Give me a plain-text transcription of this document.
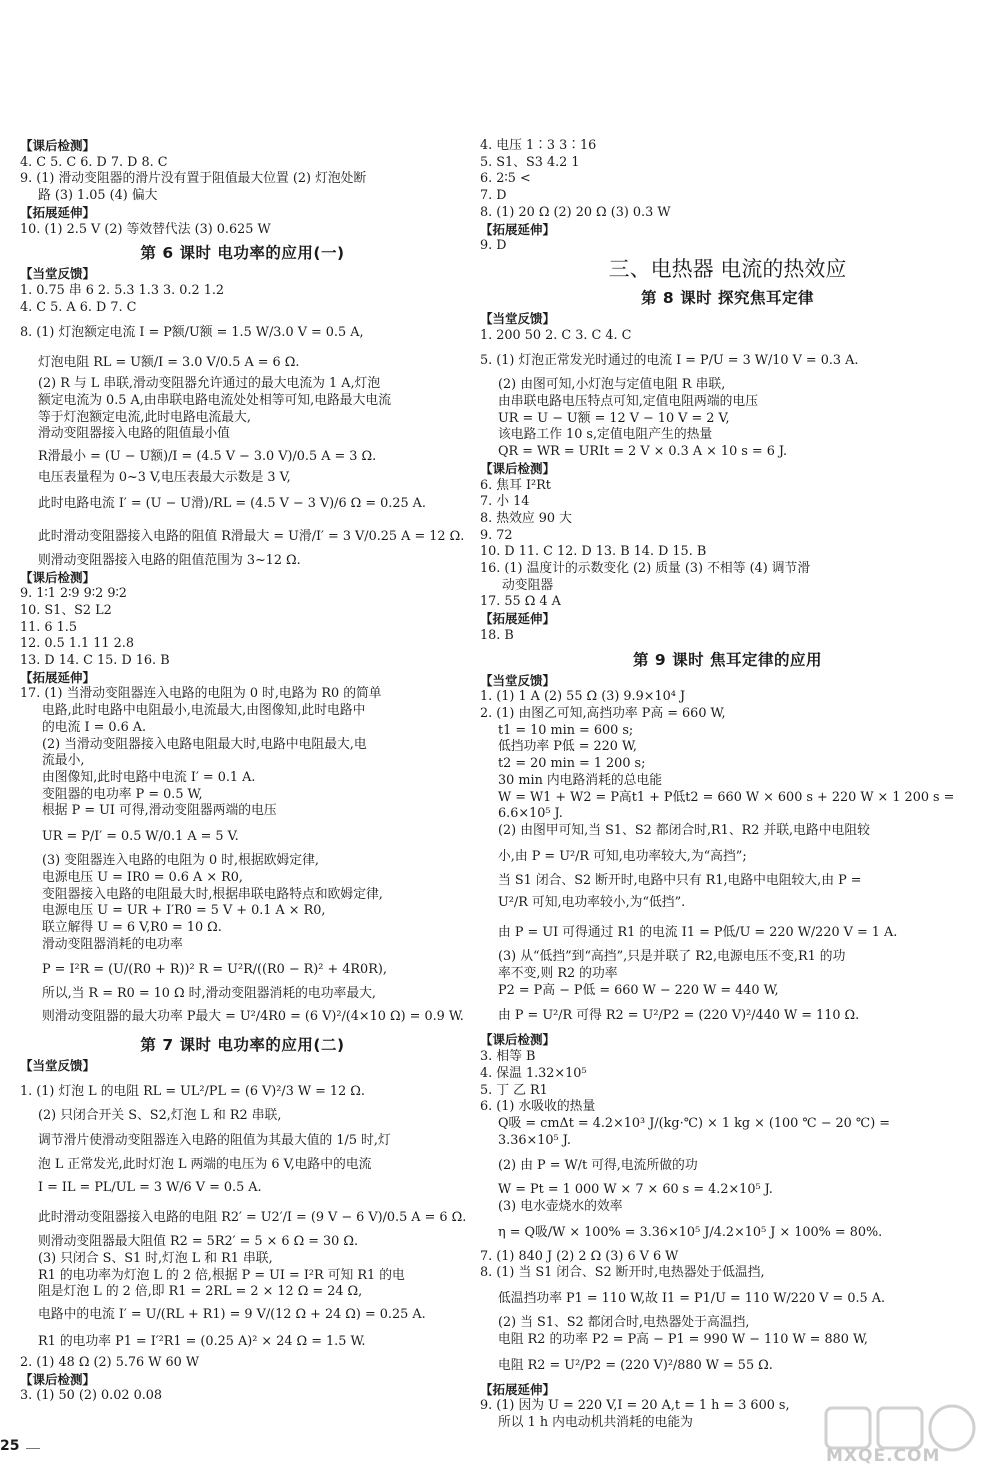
【课后检测】
4. C 5. C 6. D 7. D 8. C
9. (1) 滑动变阻器的滑片没有置于阻值最大位置 (2) 灯泡处断
路 (3) 1.05 (4) 偏大
【拓展延伸】
10. (1) 2.5 V (2) 等效替代法 (3) 0.625 W
第 6 课时 电功率的应用(一)
【当堂反馈】
1. 0.75 串 6 2. 5.3 1.3 3. 0.2 1.2
4. C 5. A 6. D 7. C
8. (1) 灯泡额定电流 I = P额/U额 = 1.5 W/3.0 V = 0.5 A,
灯泡电阻 RL = U额/I = 3.0 V/0.5 A = 6 Ω.
(2) R 与 L 串联,滑动变阻器允许通过的最大电流为 1 A,灯泡
额定电流为 0.5 A,由串联电路电流处处相等可知,电路最大电流
等于灯泡额定电流,此时电路电流最大,
滑动变阻器接入电路的阻值最小值
R滑最小 = (U − U额)/I = (4.5 V − 3.0 V)/0.5 A = 3 Ω.
电压表量程为 0~3 V,电压表最大示数是 3 V,
此时电路电流 I′ = (U − U滑)/RL = (4.5 V − 3 V)/6 Ω = 0.25 A.
此时滑动变阻器接入电路的阻值 R滑最大 = U滑/I′ = 3 V/0.25 A = 12 Ω.
则滑动变阻器接入电路的阻值范围为 3~12 Ω.
【课后检测】
9. 1∶1 2∶9 9∶2 9∶2
10. S1、S2 L2
11. 6 1.5
12. 0.5 1.1 11 2.8
13. D 14. C 15. D 16. B
【拓展延伸】
17. (1) 当滑动变阻器连入电路的电阻为 0 时,电路为 R0 的简单
电路,此时电路中电阻最小,电流最大,由图像知,此时电路中
的电流 I = 0.6 A.
(2) 当滑动变阻器接入电路电阻最大时,电路中电阻最大,电
流最小,
由图像知,此时电路中电流 I′ = 0.1 A.
变阻器的电功率 P = 0.5 W,
根据 P = UI 可得,滑动变阻器两端的电压
UR = P/I′ = 0.5 W/0.1 A = 5 V.
(3) 变阻器连入电路的电阻为 0 时,根据欧姆定律,
电源电压 U = IR0 = 0.6 A × R0,
变阻器接入电路的电阻最大时,根据串联电路特点和欧姆定律,
电源电压 U = UR + I′R0 = 5 V + 0.1 A × R0,
联立解得 U = 6 V,R0 = 10 Ω.
滑动变阻器消耗的电功率
P = I²R = (U/(R0 + R))² R = U²R/((R0 − R)² + 4R0R),
所以,当 R = R0 = 10 Ω 时,滑动变阻器消耗的电功率最大,
则滑动变阻器的最大功率 P最大 = U²/4R0 = (6 V)²/(4×10 Ω) = 0.9 W.
第 7 课时 电功率的应用(二)
【当堂反馈】
1. (1) 灯泡 L 的电阻 RL = UL²/PL = (6 V)²/3 W = 12 Ω.
(2) 只闭合开关 S、S2,灯泡 L 和 R2 串联,
调节滑片使滑动变阻器连入电路的阻值为其最大值的 1/5 时,灯
泡 L 正常发光,此时灯泡 L 两端的电压为 6 V,电路中的电流
I = IL = PL/UL = 3 W/6 V = 0.5 A.
此时滑动变阻器接入电路的电阻 R2′ = U2′/I = (9 V − 6 V)/0.5 A = 6 Ω.
则滑动变阻器最大阻值 R2 = 5R2′ = 5 × 6 Ω = 30 Ω.
(3) 只闭合 S、S1 时,灯泡 L 和 R1 串联,
R1 的电功率为灯泡 L 的 2 倍,根据 P = UI = I²R 可知 R1 的电
阻是灯泡 L 的 2 倍,即 R1 = 2RL = 2 × 12 Ω = 24 Ω,
电路中的电流 I′ = U/(RL + R1) = 9 V/(12 Ω + 24 Ω) = 0.25 A.
R1 的电功率 P1 = I′²R1 = (0.25 A)² × 24 Ω = 1.5 W.
2. (1) 48 Ω (2) 5.76 W 60 W
【课后检测】
3. (1) 50 (2) 0.02 0.08
4. 电压 1∶3 3∶16
5. S1、S3 4.2 1
6. 2∶5 <
7. D
8. (1) 20 Ω (2) 20 Ω (3) 0.3 W
【拓展延伸】
9. D
三、电热器 电流的热效应
第 8 课时 探究焦耳定律
【当堂反馈】
1. 200 50 2. C 3. C 4. C
5. (1) 灯泡正常发光时通过的电流 I = P/U = 3 W/10 V = 0.3 A.
(2) 由图可知,小灯泡与定值电阻 R 串联,
由串联电路电压特点可知,定值电阻两端的电压
UR = U − U额 = 12 V − 10 V = 2 V,
该电路工作 10 s,定值电阻产生的热量
QR = WR = URIt = 2 V × 0.3 A × 10 s = 6 J.
【课后检测】
6. 焦耳 I²Rt
7. 小 14
8. 热效应 90 大
9. 72
10. D 11. C 12. D 13. B 14. D 15. B
16. (1) 温度计的示数变化 (2) 质量 (3) 不相等 (4) 调节滑
动变阻器
17. 55 Ω 4 A
【拓展延伸】
18. B
第 9 课时 焦耳定律的应用
【当堂反馈】
1. (1) 1 A (2) 55 Ω (3) 9.9×10⁴ J
2. (1) 由图乙可知,高挡功率 P高 = 660 W,
t1 = 10 min = 600 s;
低挡功率 P低 = 220 W,
t2 = 20 min = 1 200 s;
30 min 内电路消耗的总电能
W = W1 + W2 = P高t1 + P低t2 = 660 W × 600 s + 220 W × 1 200 s =
6.6×10⁵ J.
(2) 由图甲可知,当 S1、S2 都闭合时,R1、R2 并联,电路中电阻较
小,由 P = U²/R 可知,电功率较大,为“高挡”;
当 S1 闭合、S2 断开时,电路中只有 R1,电路中电阻较大,由 P =
U²/R 可知,电功率较小,为“低挡”.
由 P = UI 可得通过 R1 的电流 I1 = P低/U = 220 W/220 V = 1 A.
(3) 从“低挡”到“高挡”,只是并联了 R2,电源电压不变,R1 的功
率不变,则 R2 的功率
P2 = P高 − P低 = 660 W − 220 W = 440 W,
由 P = U²/R 可得 R2 = U²/P2 = (220 V)²/440 W = 110 Ω.
【课后检测】
3. 相等 B
4. 保温 1.32×10⁵
5. 丁 乙 R1
6. (1) 水吸收的热量
Q吸 = cmΔt = 4.2×10³ J/(kg·℃) × 1 kg × (100 ℃ − 20 ℃) =
3.36×10⁵ J.
(2) 由 P = W/t 可得,电流所做的功
W = Pt = 1 000 W × 7 × 60 s = 4.2×10⁵ J.
(3) 电水壶烧水的效率
η = Q吸/W × 100% = 3.36×10⁵ J/4.2×10⁵ J × 100% = 80%.
7. (1) 840 J (2) 2 Ω (3) 6 V 6 W
8. (1) 当 S1 闭合、S2 断开时,电热器处于低温挡,
低温挡功率 P1 = 110 W,故 I1 = P1/U = 110 W/220 V = 0.5 A.
(2) 当 S1、S2 都闭合时,电热器处于高温挡,
电阻 R2 的功率 P2 = P高 − P1 = 990 W − 110 W = 880 W,
电阻 R2 = U²/P2 = (220 V)²/880 W = 55 Ω.
【拓展延伸】
9. (1) 因为 U = 220 V,I = 20 A,t = 1 h = 3 600 s,
所以 1 h 内电动机共消耗的电能为
25	MXQE.COM
